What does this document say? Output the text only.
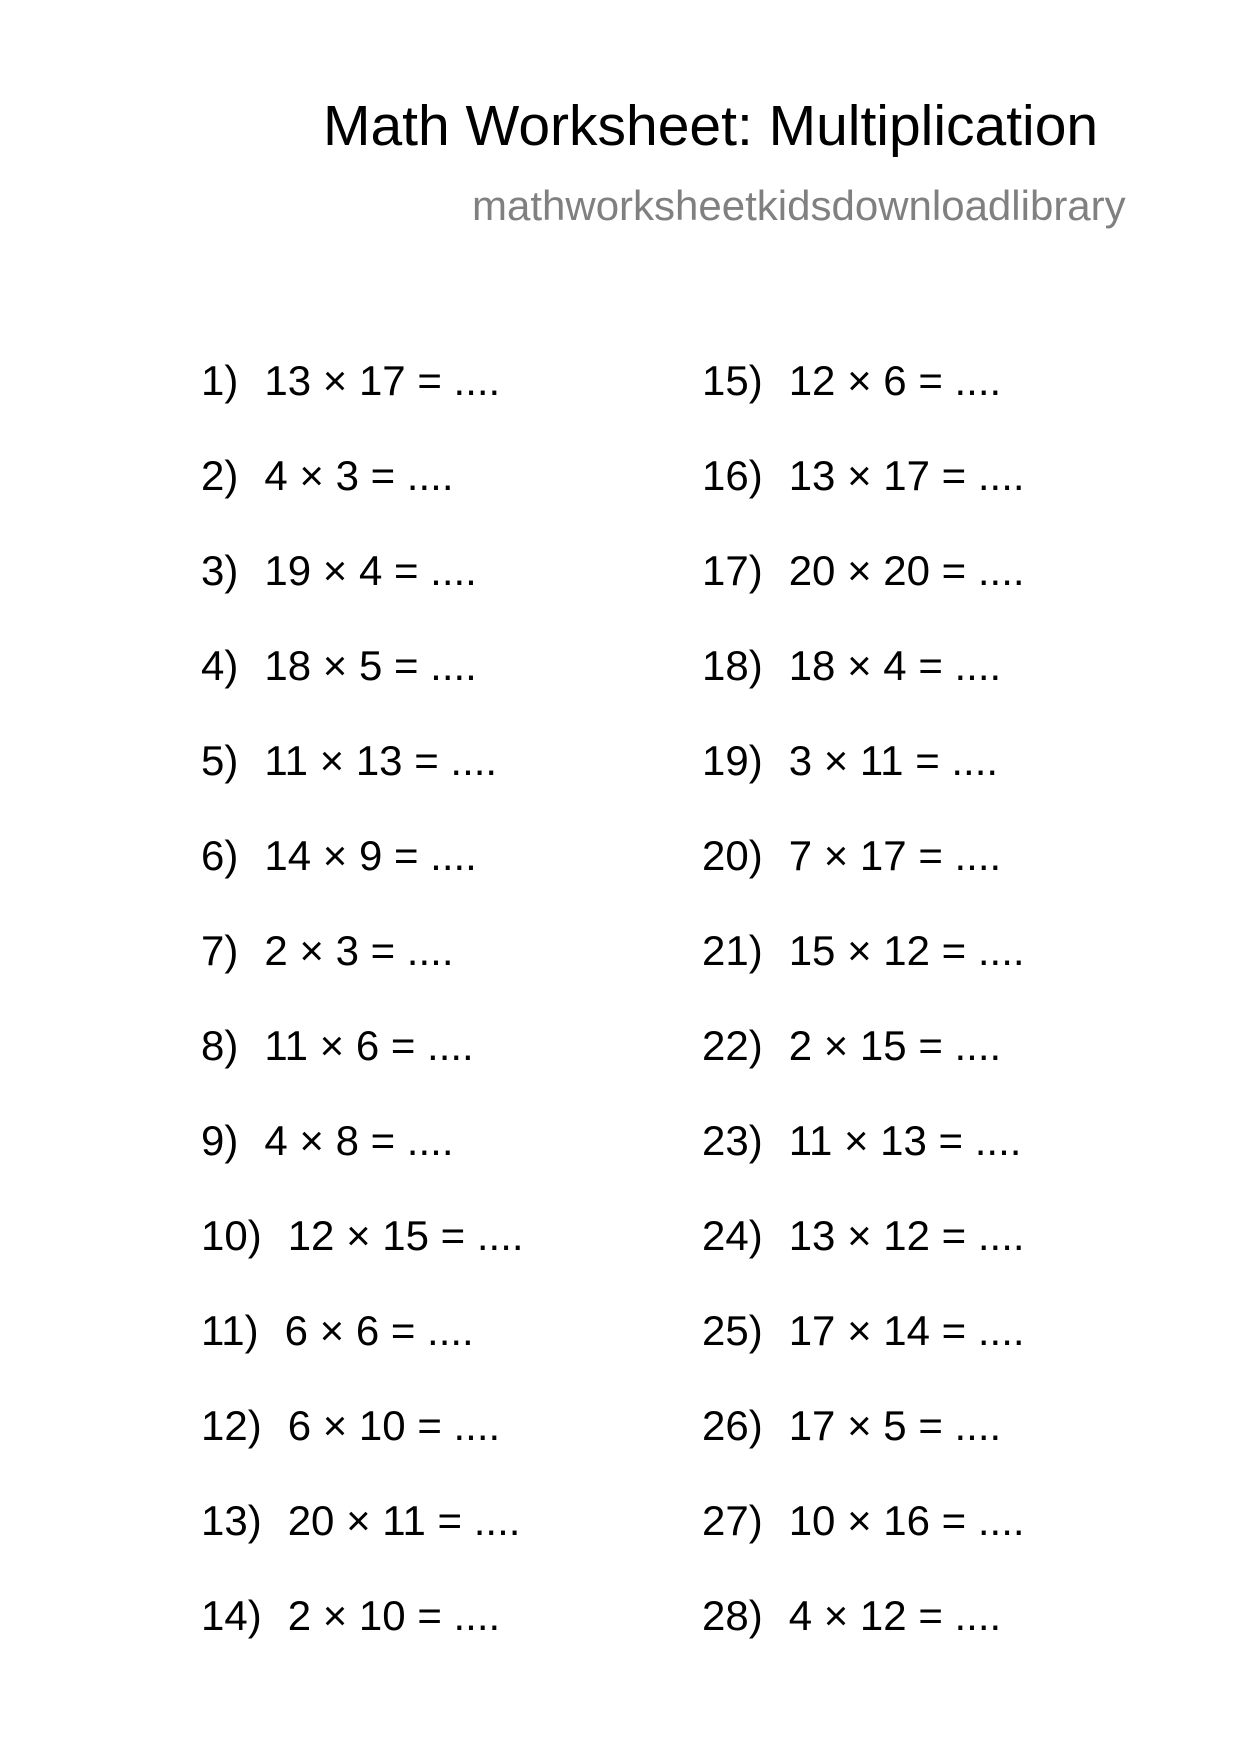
Math Worksheet: Multiplication
mathworksheetkidsdownloadlibrary
1) 13 × 17 = ....
2) 4 × 3 = ....
3) 19 × 4 = ....
4) 18 × 5 = ....
5) 11 × 13 = ....
6) 14 × 9 = ....
7) 2 × 3 = ....
8) 11 × 6 = ....
9) 4 × 8 = ....
10) 12 × 15 = ....
11) 6 × 6 = ....
12) 6 × 10 = ....
13) 20 × 11 = ....
14) 2 × 10 = ....
15) 12 × 6 = ....
16) 13 × 17 = ....
17) 20 × 20 = ....
18) 18 × 4 = ....
19) 3 × 11 = ....
20) 7 × 17 = ....
21) 15 × 12 = ....
22) 2 × 15 = ....
23) 11 × 13 = ....
24) 13 × 12 = ....
25) 17 × 14 = ....
26) 17 × 5 = ....
27) 10 × 16 = ....
28) 4 × 12 = ....
